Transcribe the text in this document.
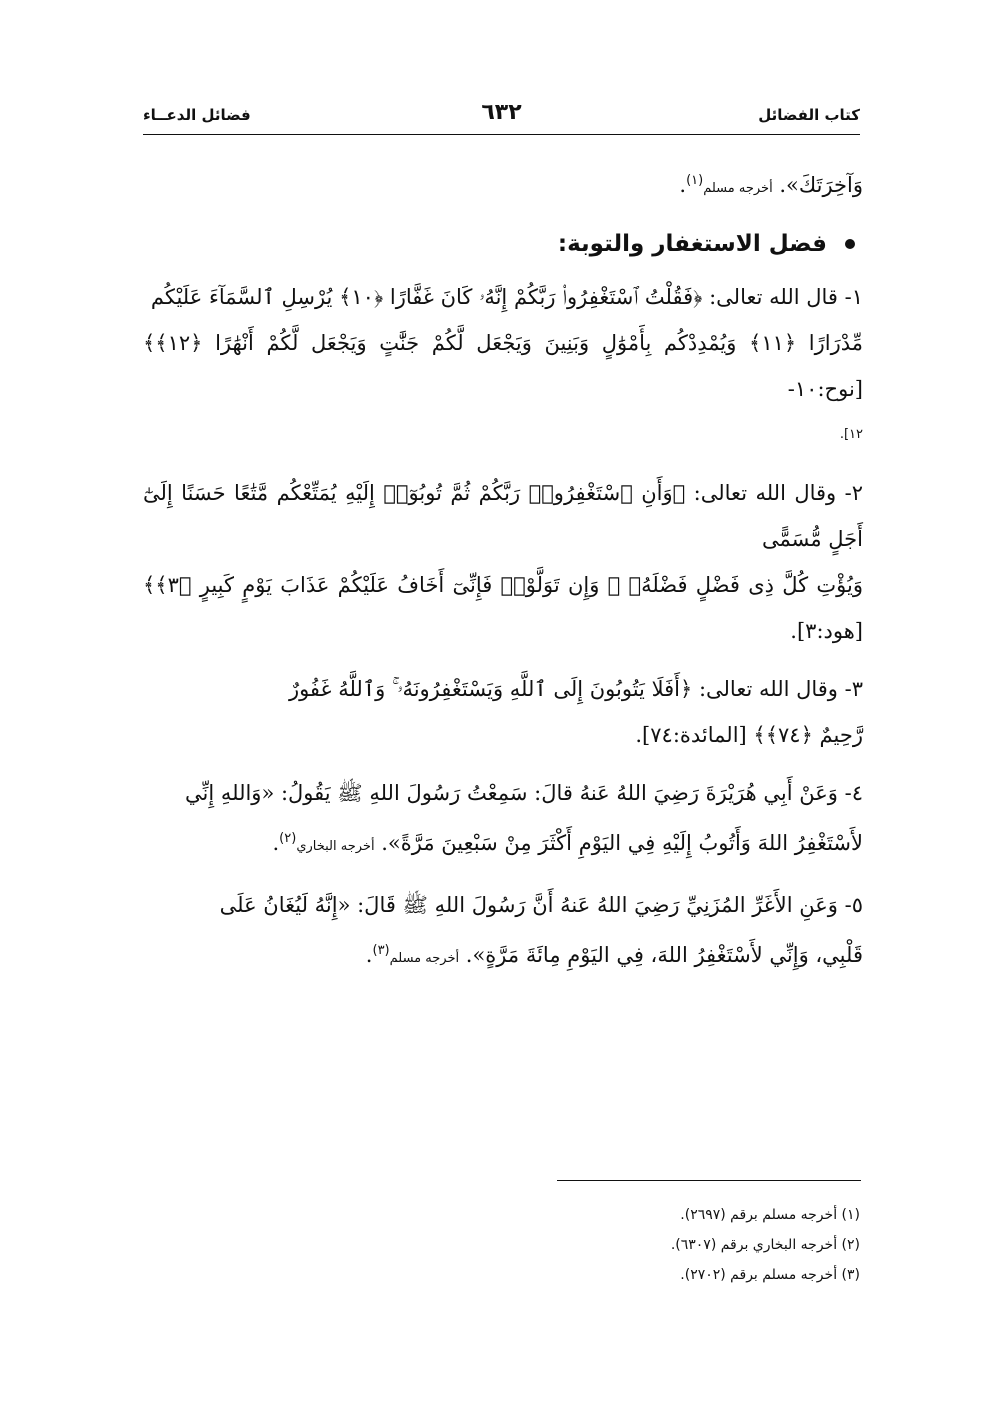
كتاب الفضائل
٦٣٢
فضائل الدعــاء

وَآخِرَتَكَ». أخرجه مسلم$^{(١)}$.

فضل الاستغفار والتوبة:

١- قال الله تعالى: ﴿فَقُلْتُ ٱسْتَغْفِرُوا۟ رَبَّكُمْ إِنَّهُۥ كَانَ غَفَّارًا ﴿١٠﴾ يُرْسِلِ ٱلسَّمَآءَ عَلَيْكُم

مِّدْرَارًا ﴿١١﴾ وَيُمْدِدْكُم بِأَمْوَٰلٍ وَبَنِينَ وَيَجْعَل لَّكُمْ جَنَّٰتٍ وَيَجْعَل لَّكُمْ أَنْهَٰرًا ﴿١٢﴾﴾ [نوح:١٠-

١٢].

٢- وقال الله تعالى: ﴿وَأَنِ ٱسْتَغْفِرُوا۟ رَبَّكُمْ ثُمَّ تُوبُوٓا۟ إِلَيْهِ يُمَتِّعْكُم مَّتَٰعًا حَسَنًا إِلَىٰٓ أَجَلٍ مُّسَمًّى

وَيُؤْتِ كُلَّ ذِى فَضْلٍ فَضْلَهُۥ ۖ وَإِن تَوَلَّوْا۟ فَإِنِّىٓ أَخَافُ عَلَيْكُمْ عَذَابَ يَوْمٍ كَبِيرٍ ﴿٣﴾﴾ [هود:٣].

٣- وقال الله تعالى: ﴿أَفَلَا يَتُوبُونَ إِلَى ٱللَّهِ وَيَسْتَغْفِرُونَهُۥ ۚ وَٱللَّهُ غَفُورٌ

رَّحِيمٌ ﴿٧٤﴾﴾ [المائدة:٧٤].

٤- وَعَنْ أَبِي هُرَيْرَةَ رَضِيَ اللهُ عَنهُ قالَ: سَمِعْتُ رَسُولَ اللهِ ﷺ يَقُولُ: «وَاللهِ إِنِّي

لأَسْتَغْفِرُ اللهَ وَأَتُوبُ إِلَيْهِ فِي اليَوْمِ أَكْثَرَ مِنْ سَبْعِينَ مَرَّةً». أخرجه البخاري$^{(٢)}$.

٥- وَعَنِ الأَغَرِّ المُزَنِيِّ رَضِيَ اللهُ عَنهُ أَنَّ رَسُولَ اللهِ ﷺ قَالَ: «إِنَّهُ لَيُغَانُ عَلَى

قَلْبِي، وَإِنِّي لأَسْتَغْفِرُ اللهَ، فِي اليَوْمِ مِائَةَ مَرَّةٍ». أخرجه مسلم$^{(٣)}$.

(١) أخرجه مسلم برقم (٢٦٩٧).

(٢) أخرجه البخاري برقم (٦٣٠٧).

(٣) أخرجه مسلم برقم (٢٧٠٢).
